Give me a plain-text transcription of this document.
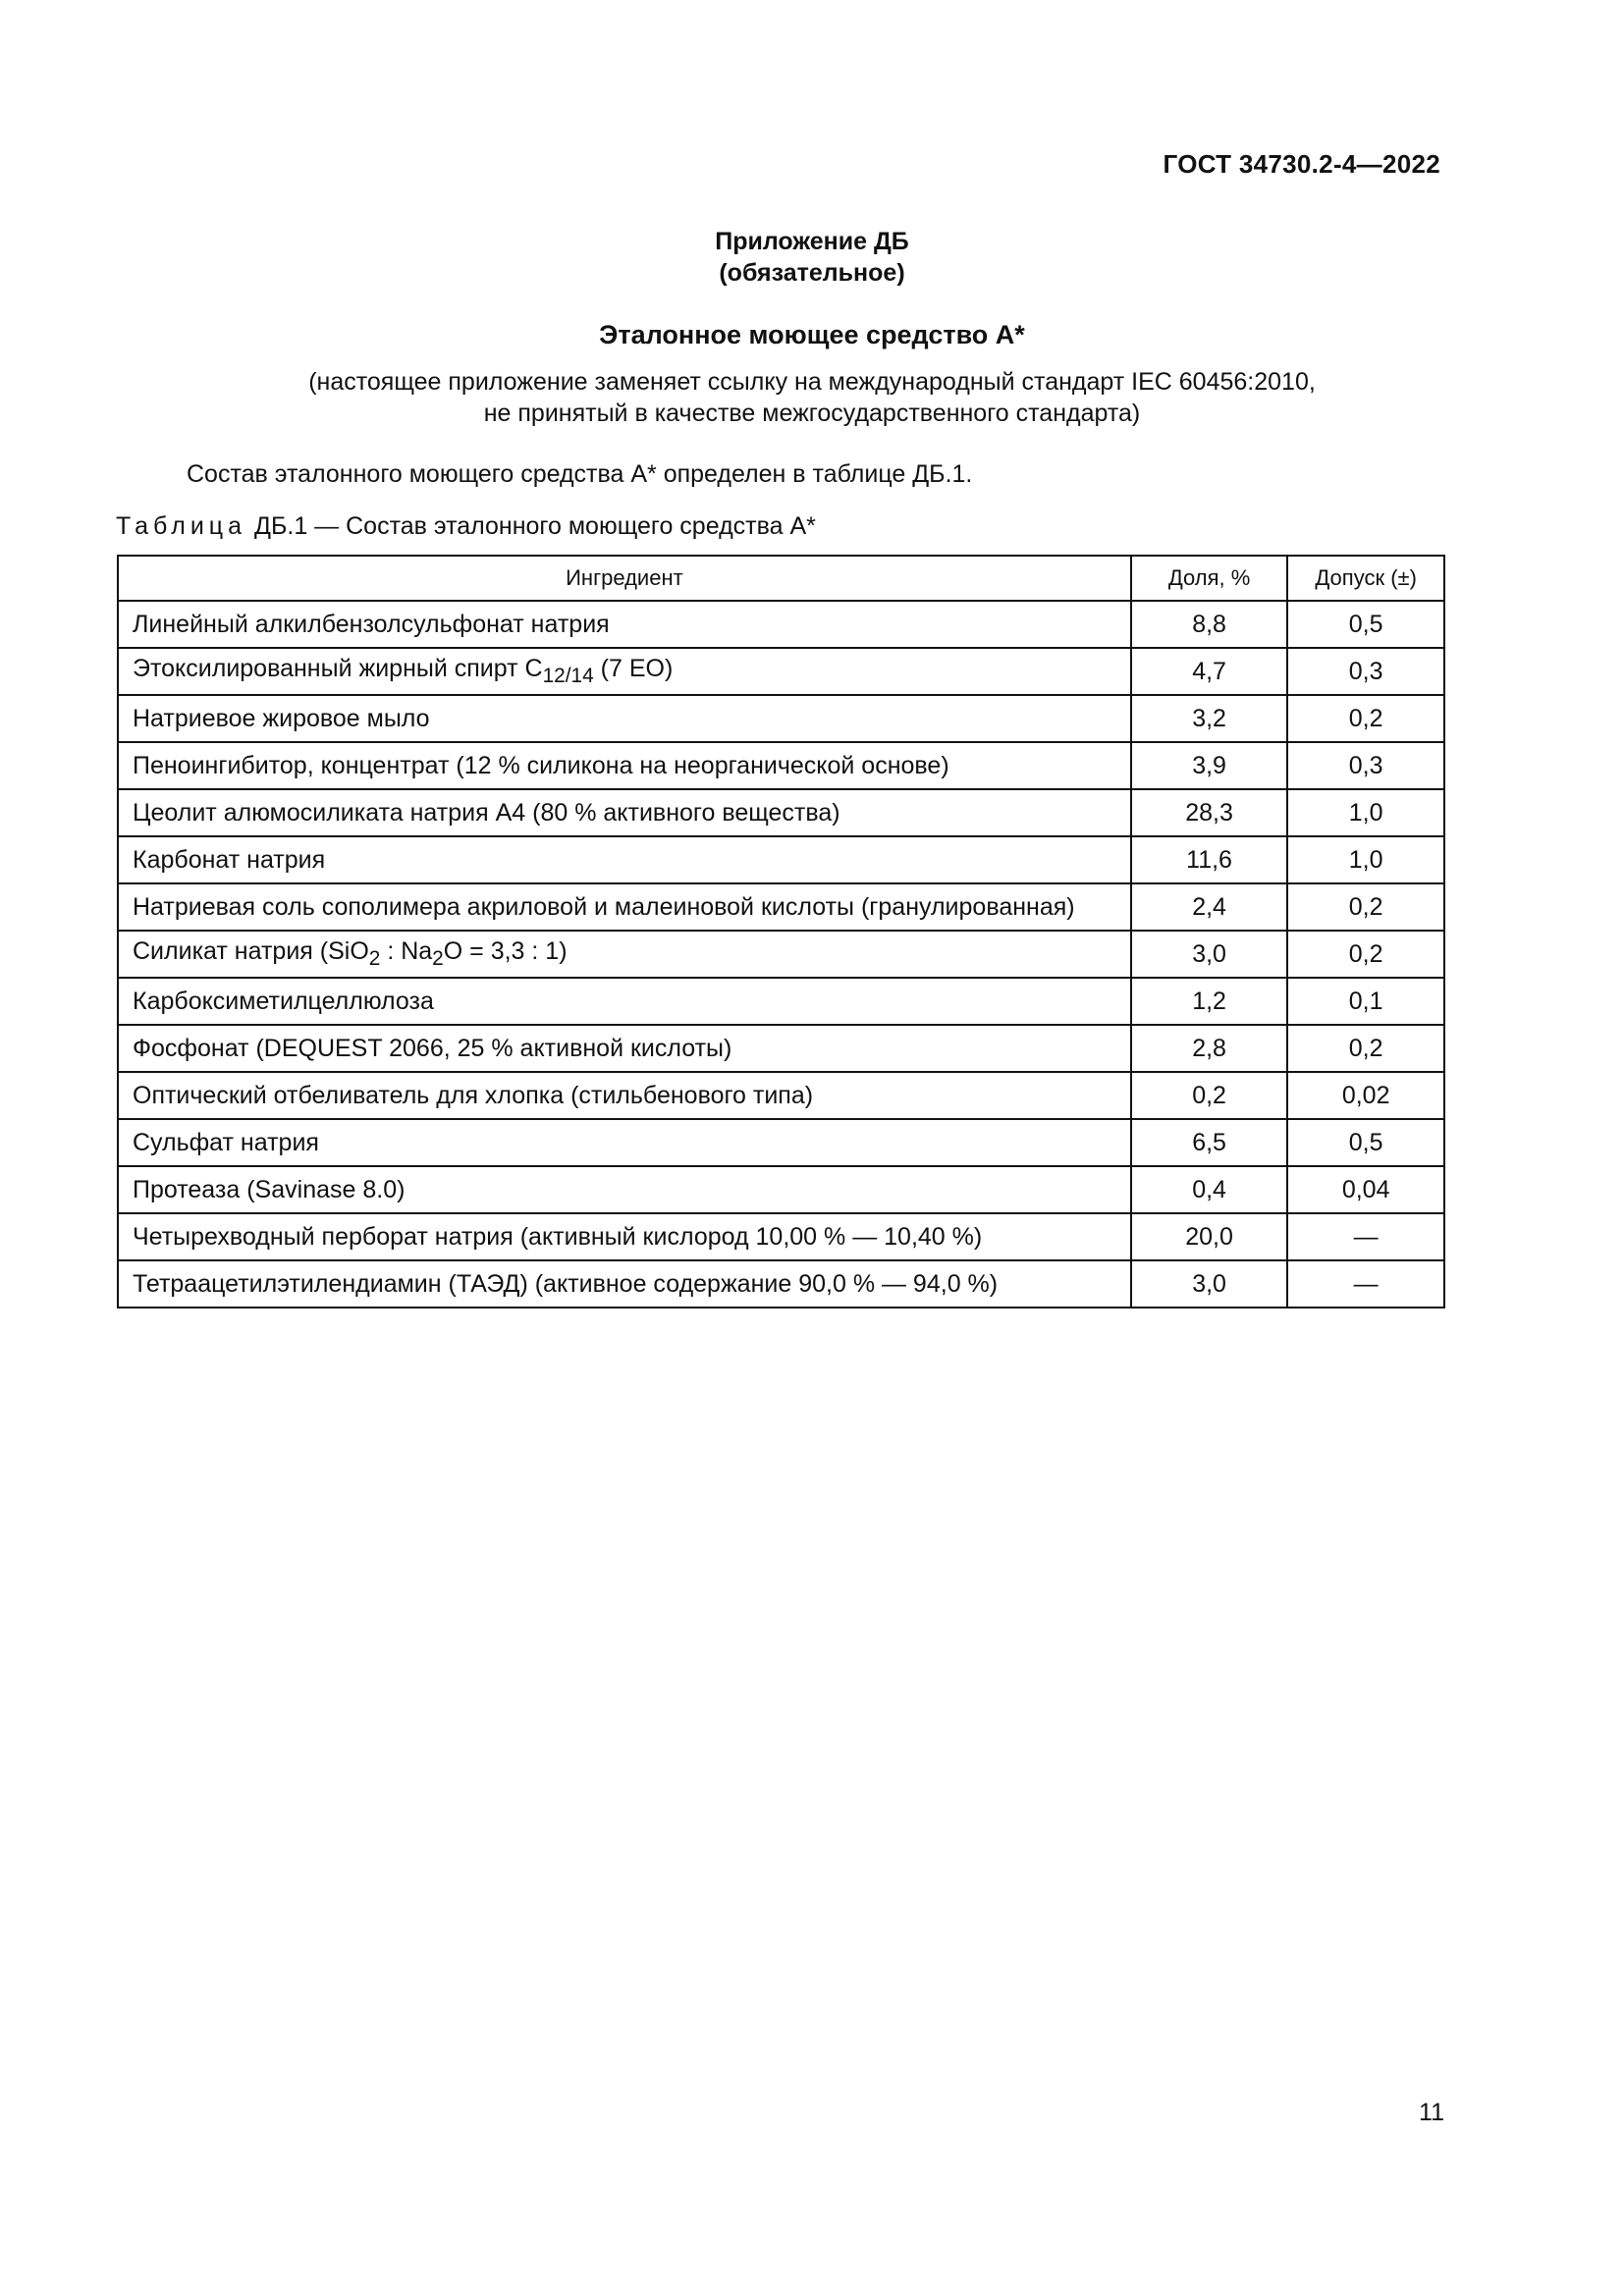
ГОСТ 34730.2-4—2022
Приложение ДБ
(обязательное)
Эталонное моющее средство A*
(настоящее приложение заменяет ссылку на международный стандарт IEC 60456:2010,
не принятый в качестве межгосударственного стандарта)
Состав эталонного моющего средства A* определен в таблице ДБ.1.
Таблица ДБ.1 — Состав эталонного моющего средства A*
Ингредиент	Доля, %	Допуск (±)
Линейный алкилбензолсульфонат натрия	8,8	0,5
Этоксилированный жирный спирт $C_{12/14}$ (7 EO)	4,7	0,3
Натриевое жировое мыло	3,2	0,2
Пеноингибитор, концентрат (12 % силикона на неорганической основе)	3,9	0,3
Цеолит алюмосиликата натрия A4 (80 % активного вещества)	28,3	1,0
Карбонат натрия	11,6	1,0
Натриевая соль сополимера акриловой и малеиновой кислоты (гранулированная)	2,4	0,2
Силикат натрия (SiO$_2$ : $Na_2O = 3,3$ : 1)	3,0	0,2
Карбоксиметилцеллюлоза	1,2	0,1
Фосфонат (DEQUEST 2066, 25 % активной кислоты)	2,8	0,2
Оптический отбеливатель для хлопка (стильбенового типа)	0,2	0,02
Сульфат натрия	6,5	0,5
Протеаза (Savinase 8.0)	0,4	0,04
Четырехводный перборат натрия (активный кислород 10,00 % — 10,40 %)	20,0	—
Тетраацетилэтилендиамин (ТАЭД) (активное содержание 90,0 % — 94,0 %)	3,0	—
11
